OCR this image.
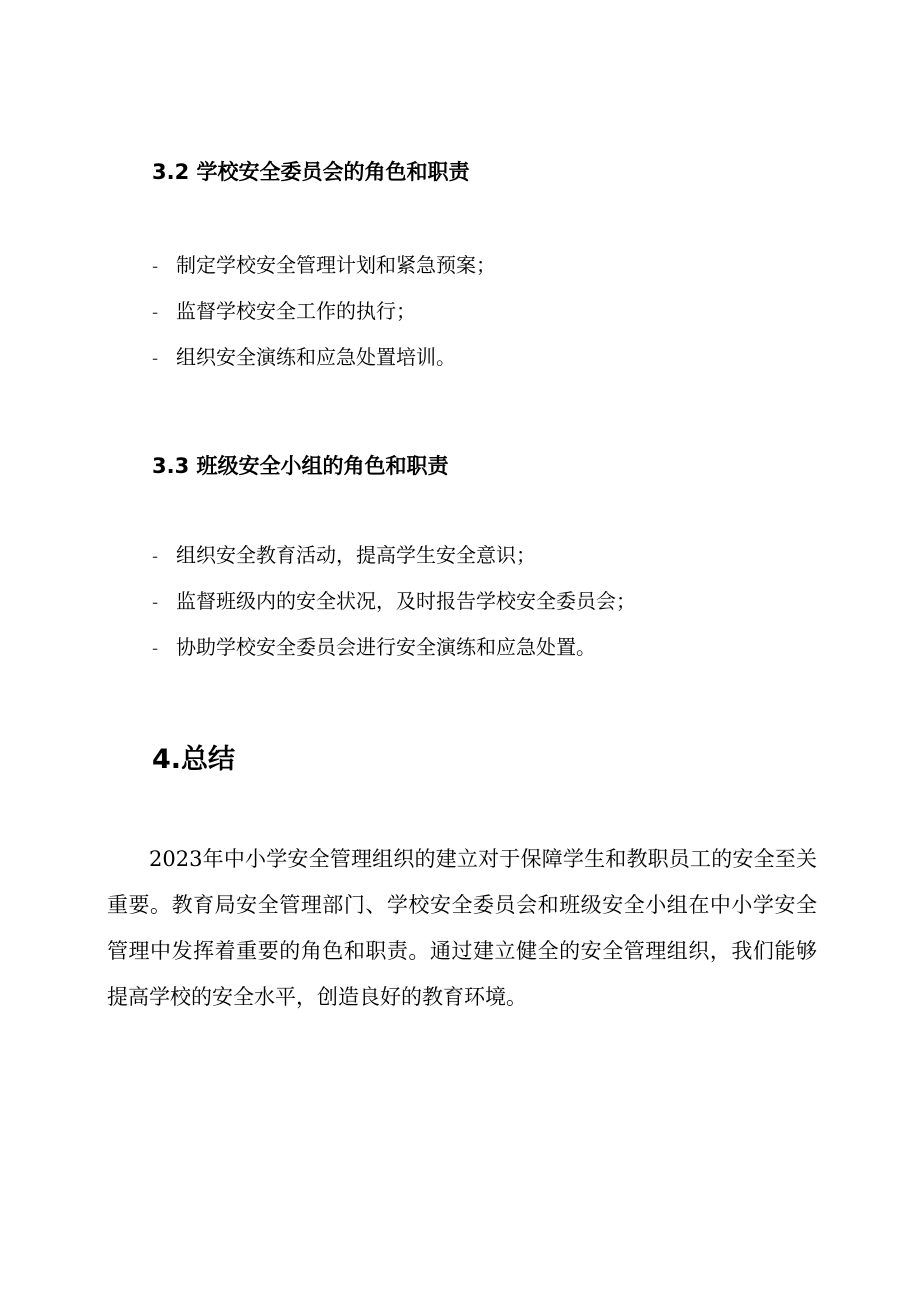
3.2 学校安全委员会的角色和职责
- 制定学校安全管理计划和紧急预案；
- 监督学校安全工作的执行；
- 组织安全演练和应急处置培训。
3.3 班级安全小组的角色和职责
- 组织安全教育活动，提高学生安全意识；
- 监督班级内的安全状况，及时报告学校安全委员会；
- 协助学校安全委员会进行安全演练和应急处置。
4.总结

2023年中小学安全管理组织的建立对于保障学生和教职员工的安全至关重要。教育局安全管理部门、学校安全委员会和班级安全小组在中小学安全管理中发挥着重要的角色和职责。通过建立健全的安全管理组织，我们能够提高学校的安全水平，创造良好的教育环境。
